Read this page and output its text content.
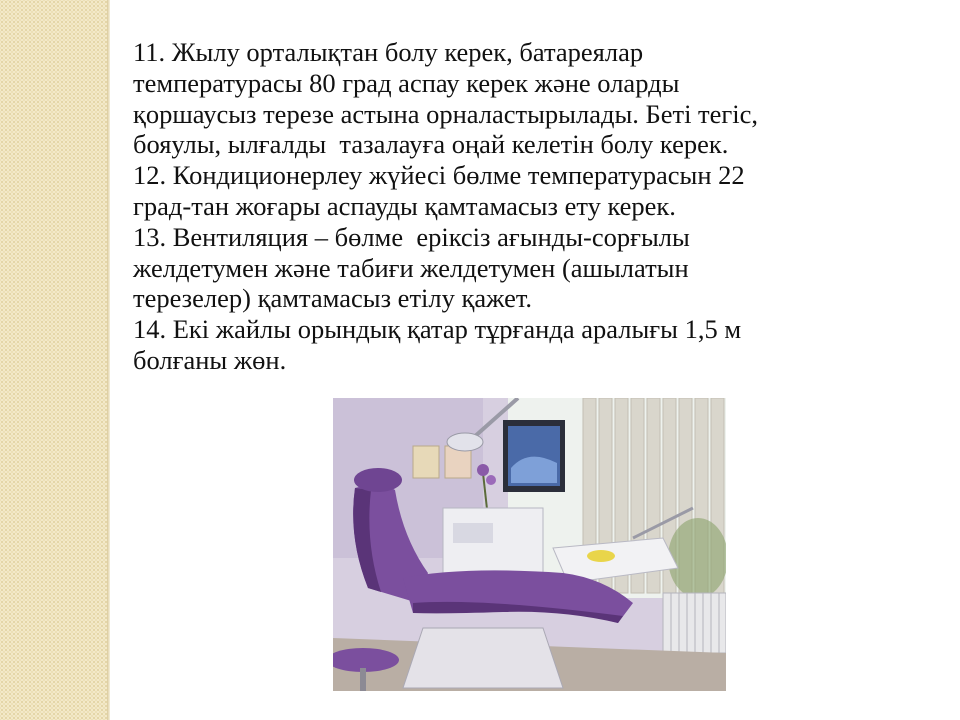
11. Жылу орталықтан болу керек, батареялар
температурасы 80 град аспау керек және оларды
қоршаусыз терезе астына орналастырылады. Беті тегіс,
бояулы, ылғалды  тазалауға оңай келетін болу керек.
12. Кондиционерлеу жүйесі бөлме температурасын 22
град-тан жоғары аспауды қамтамасыз ету керек.
13. Вентиляция – бөлме  еріксіз ағынды-сорғылы
желдетумен және табиғи желдетумен (ашылатын
терезелер) қамтамасыз етілу қажет.
14. Екі жайлы орындық қатар тұрғанда аралығы 1,5 м
болғаны жөн.
